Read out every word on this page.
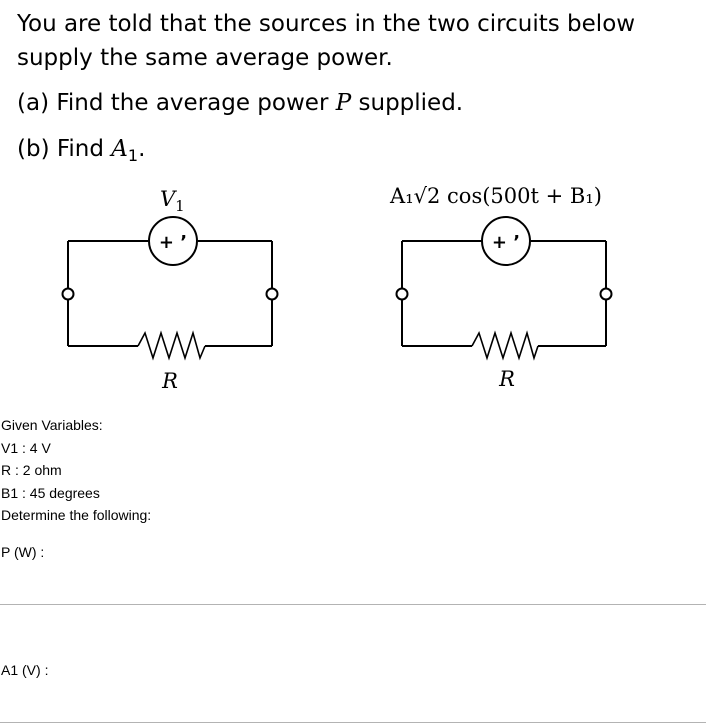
You are told that the sources in the two circuits below

supply the same average power.

(a) Find the average power P supplied.

(b) Find $A_1$.

$V_1$
+ ’
R
A₁√2 cos(500t + B₁)
+ ’
R
Given Variables:
V1 : 4 V
R : 2 ohm
B1 : 45 degrees
Determine the following:
P (W) :
A1 (V) :
